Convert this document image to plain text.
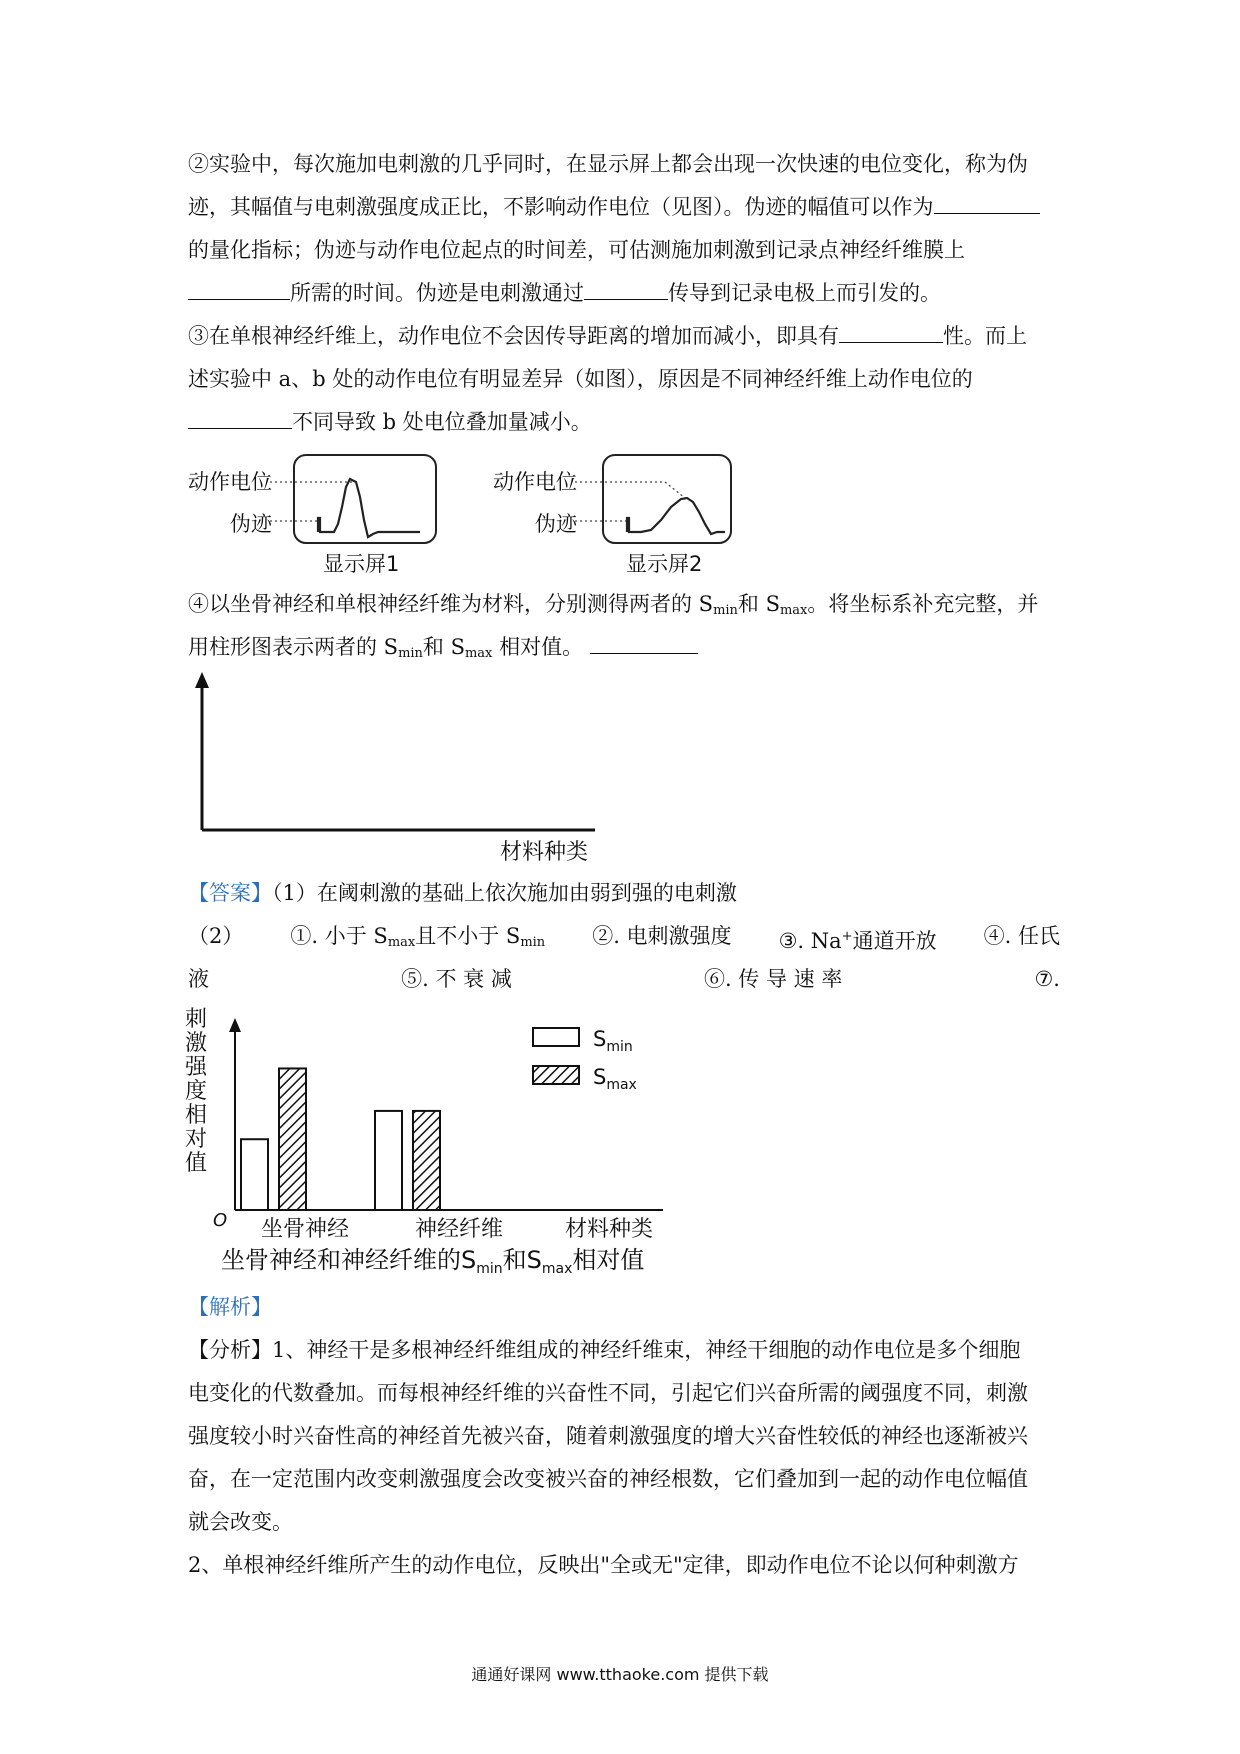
②实验中，每次施加电刺激的几乎同时，在显示屏上都会出现一次快速的电位变化，称为伪
迹，其幅值与电刺激强度成正比，不影响动作电位（见图）。伪迹的幅值可以作为
的量化指标；伪迹与动作电位起点的时间差，可估测施加刺激到记录点神经纤维膜上
所需的时间。伪迹是电刺激通过	传导到记录电极上而引发的。
③在单根神经纤维上，动作电位不会因传导距离的增加而减小，即具有	性。而上
述实验中 a、b 处的动作电位有明显差异（如图），原因是不同神经纤维上动作电位的
不同导致 b 处电位叠加量减小。
动作电位
伪迹
显示屏1
动作电位
伪迹
显示屏2
④以坐骨神经和单根神经纤维为材料，分别测得两者的 $S_{min}$和 $S_{max}$。将坐标系补充完整，并
用柱形图表示两者的 $S_{min}$和 $S_{max}$ 相对值。
材料种类
【答案】（1）在阈刺激的基础上依次施加由弱到强的电刺激
（2） ①. 小于 $S_{max}$且不小于 $S_{min}$ ②. 电刺激强度 ③. Na+通道开放 ④. 任氏
液	⑤. 不 衰 减	⑥. 传 导 速 率	⑦.
刺
激
强
度
相
对
值
O 坐骨神经	神经纤维	材料种类
$S_{min}$
$S_{max}$
坐骨神经和神经纤维的$S_{min}$和$S_{max}$相对值
【解析】
【分析】1、神经干是多根神经纤维组成的神经纤维束，神经干细胞的动作电位是多个细胞
电变化的代数叠加。而每根神经纤维的兴奋性不同，引起它们兴奋所需的阈强度不同，刺激
强度较小时兴奋性高的神经首先被兴奋，随着刺激强度的增大兴奋性较低的神经也逐渐被兴
奋，在一定范围内改变刺激强度会改变被兴奋的神经根数，它们叠加到一起的动作电位幅值
就会改变。
2、单根神经纤维所产生的动作电位，反映出"全或无"定律，即动作电位不论以何种刺激方
通通好课网 www.tthaoke.com 提供下载
